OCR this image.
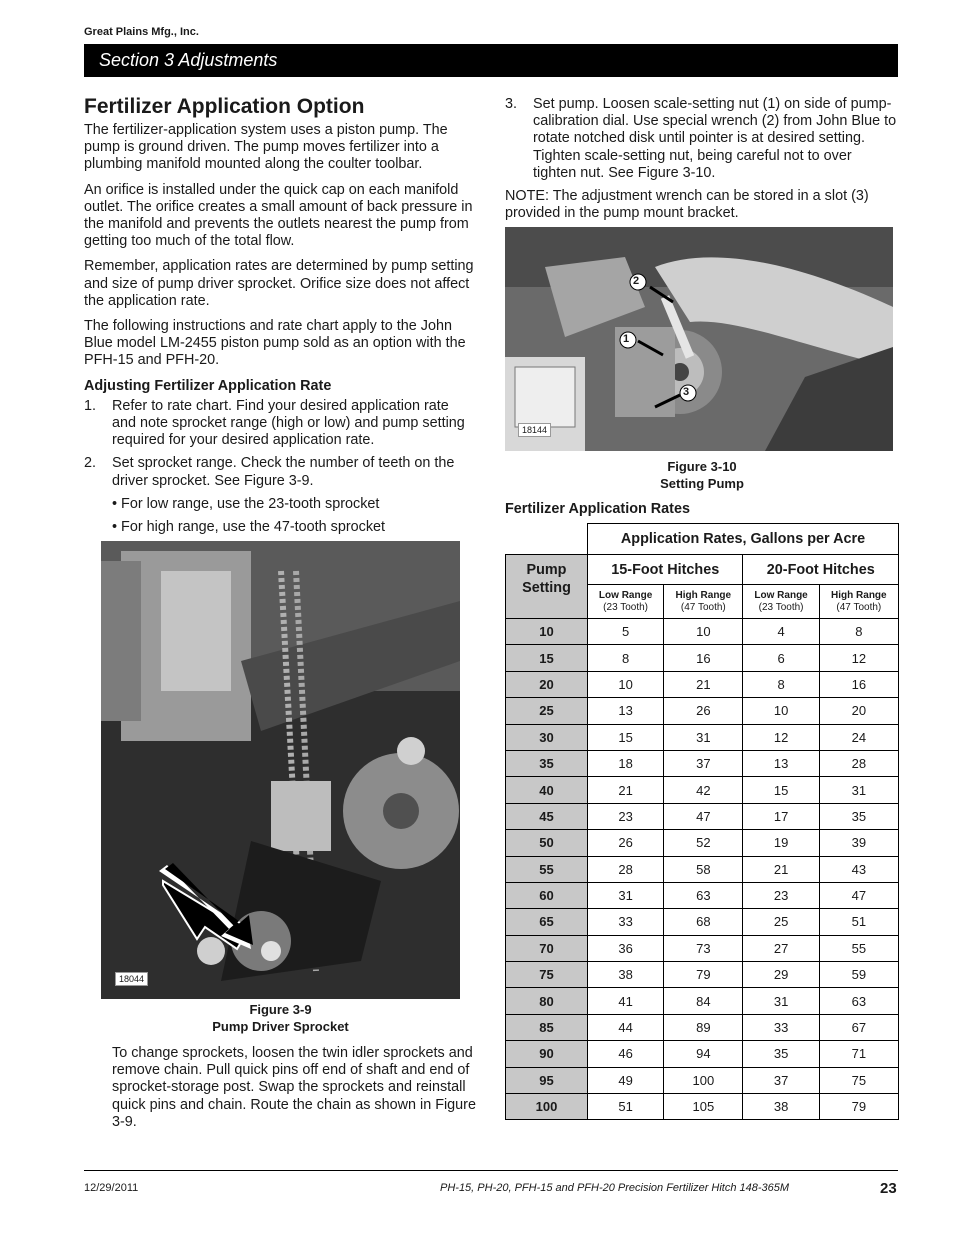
Great Plains Mfg., Inc.
Section 3 Adjustments
Fertilizer Application Option

The fertilizer-application system uses a piston pump. The pump is ground driven. The pump moves fertilizer into a plumbing manifold mounted along the coulter toolbar.

An orifice is installed under the quick cap on each manifold outlet. The orifice creates a small amount of back pressure in the manifold and prevents the outlets nearest the pump from getting too much of the total flow.

Remember, application rates are determined by pump setting and size of pump driver sprocket. Orifice size does not affect the application rate.

The following instructions and rate chart apply to the John Blue model LM-2455 piston pump sold as an option with the PFH-15 and PFH-20.

Adjusting Fertilizer Application Rate
1. Refer to rate chart. Find your desired application rate and note sprocket range (high or low) and pump setting required for your desired application rate.
2. Set sprocket range. Check the number of teeth on the driver sprocket. See Figure 3-9.
• For low range, use the 23-tooth sprocket
• For high range, use the 47-tooth sprocket
18044
Figure 3-9
Pump Driver Sprocket
To change sprockets, loosen the twin idler sprockets and remove chain. Pull quick pins off end of shaft and end of sprocket-storage post. Swap the sprockets and reinstall quick pins and chain. Route the chain as shown in Figure 3-9.
3. Set pump. Loosen scale-setting nut (1) on side of pump-calibration dial. Use special wrench (2) from John Blue to rotate notched disk until pointer is at desired setting. Tighten scale-setting nut, being careful not to over tighten nut. See Figure 3-10.

NOTE: The adjustment wrench can be stored in a slot (3) provided in the pump mount bracket.

2
1
3
18144
Figure 3-10
Setting Pump
Fertilizer Application Rates
	Application Rates, Gallons per Acre			
Pump Setting	15-Foot Hitches		20-Foot Hitches	
	Low Range
(23 Tooth)	High Range
(47 Tooth)	Low Range
(23 Tooth)	High Range
(47 Tooth)
10	5	10	4	8
15	8	16	6	12
20	10	21	8	16
25	13	26	10	20
30	15	31	12	24
35	18	37	13	28
40	21	42	15	31
45	23	47	17	35
50	26	52	19	39
55	28	58	21	43
60	31	63	23	47
65	33	68	25	51
70	36	73	27	55
75	38	79	29	59
80	41	84	31	63
85	44	89	33	67
90	46	94	35	71
95	49	100	37	75
100	51	105	38	79
12/29/2011	PH-15, PH-20, PFH-15 and PFH-20 Precision Fertilizer Hitch 148-365M	23
